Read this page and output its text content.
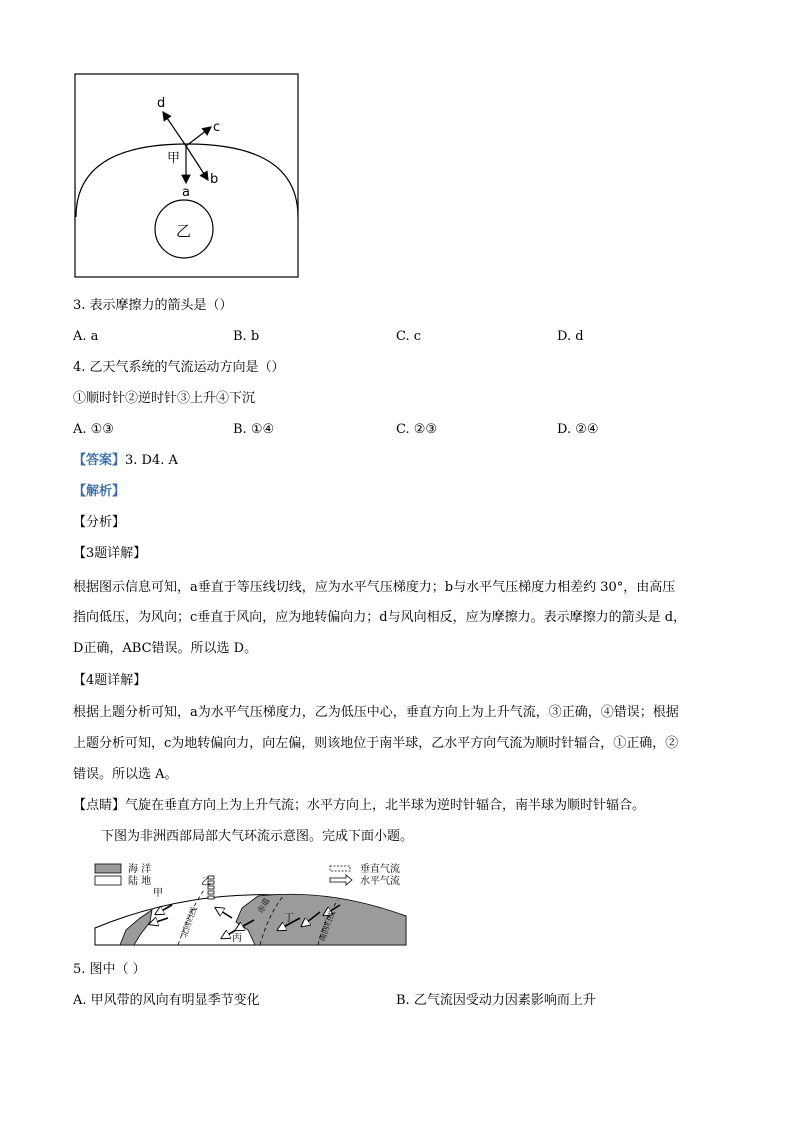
d
c
甲
b
a
乙
3. 表示摩擦力的箭头是（）
A. a	B. b	C. c	D. d
4. 乙天气系统的气流运动方向是（）
①顺时针②逆时针③上升④下沉
A. ①③	B. ①④	C. ②③	D. ②④
【答案】3. D4. A
【解析】
【分析】
【3题详解】
根据图示信息可知，a垂直于等压线切线，应为水平气压梯度力；b与水平气压梯度力相差约 30°，由高压
指向低压，为风向；c垂直于风向，应为地转偏向力；d与风向相反，应为摩擦力。表示摩擦力的箭头是 d，
D正确，ABC错误。所以选 D。
【4题详解】
根据上题分析可知，a为水平气压梯度力，乙为低压中心，垂直方向上为上升气流，③正确，④错误；根据
上题分析可知，c为地转偏向力，向左偏，则该地位于南半球，乙水平方向气流为顺时针辐合，①正确，②
错误。所以选 A。
【点睛】气旋在垂直方向上为上升气流；水平方向上，北半球为逆时针辐合，南半球为顺时针辐合。
下图为非洲西部局部大气环流示意图。完成下面小题。
海 洋
陆 地
垂直气流
水平气流
甲
乙
丙
丁
北回归线	赤道
南回归线
5. 图中（ ）
A. 甲风带的风向有明显季节变化	B. 乙气流因受动力因素影响而上升
